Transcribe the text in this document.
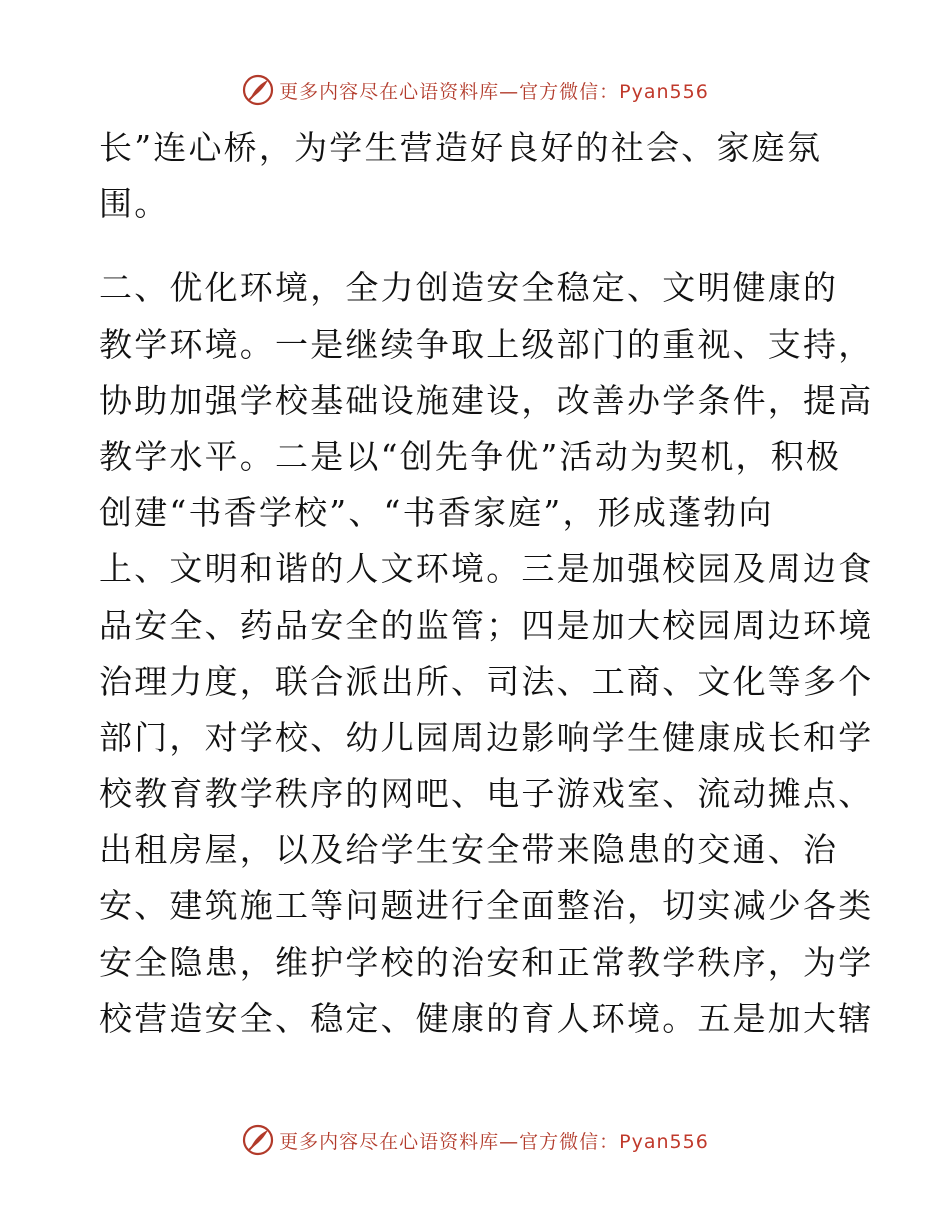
更多内容尽在心语资料库—官方微信：Pyan556
长”连心桥，为学生营造好良好的社会、家庭氛
围。
二、优化环境，全力创造安全稳定、文明健康的
教学环境。一是继续争取上级部门的重视、支持，
协助加强学校基础设施建设，改善办学条件，提高
教学水平。二是以“创先争优”活动为契机，积极
创建“书香学校”、“书香家庭”，形成蓬勃向
上、文明和谐的人文环境。三是加强校园及周边食
品安全、药品安全的监管；四是加大校园周边环境
治理力度，联合派出所、司法、工商、文化等多个
部门，对学校、幼儿园周边影响学生健康成长和学
校教育教学秩序的网吧、电子游戏室、流动摊点、
出租房屋，以及给学生安全带来隐患的交通、治
安、建筑施工等问题进行全面整治，切实减少各类
安全隐患，维护学校的治安和正常教学秩序，为学
校营造安全、稳定、健康的育人环境。五是加大辖
更多内容尽在心语资料库—官方微信：Pyan556
